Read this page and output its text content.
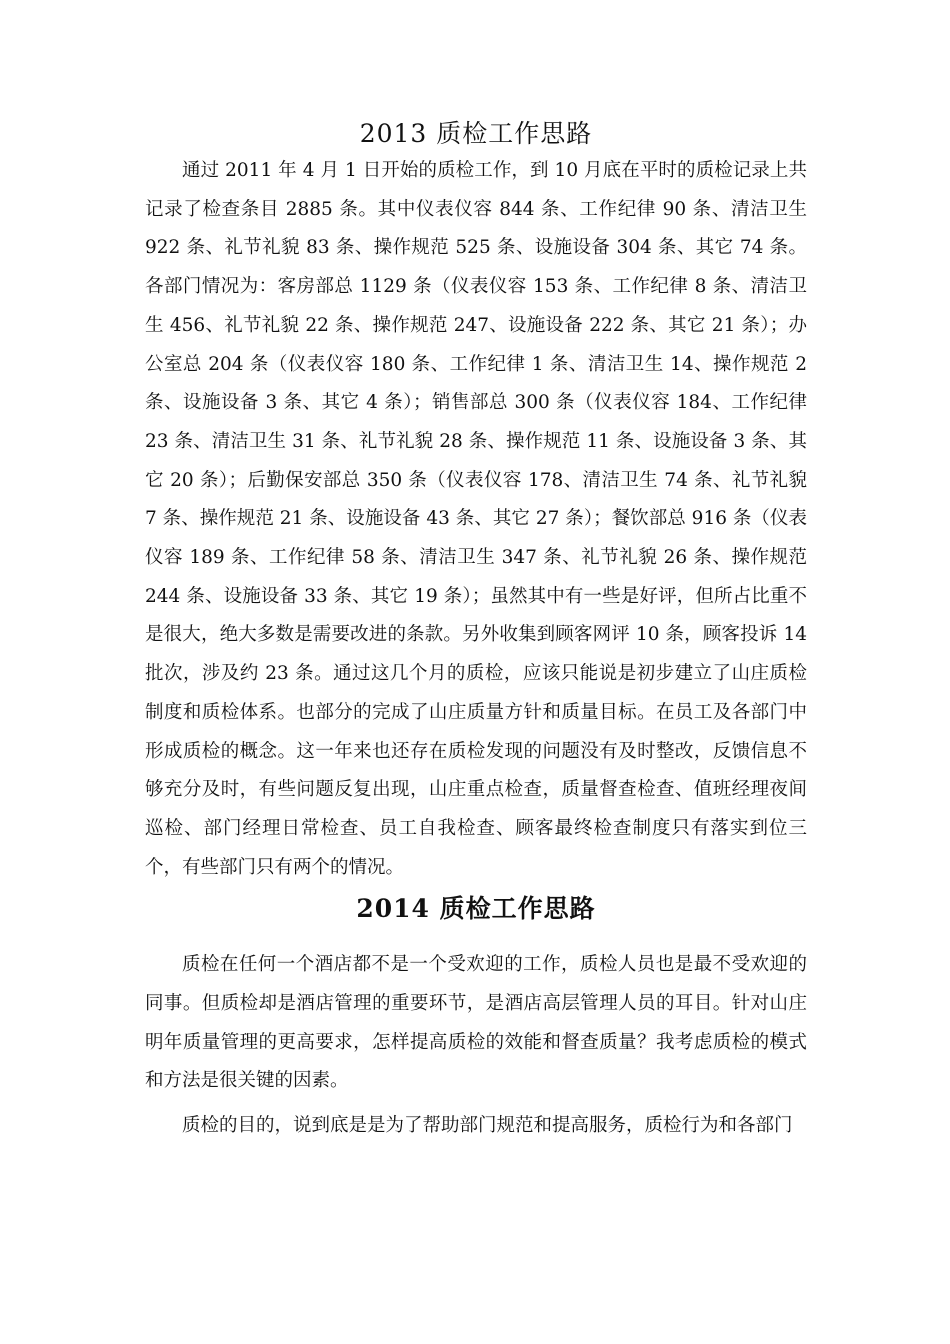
2013 质检工作思路

通过 2011 年 4 月 1 日开始的质检工作，到 10 月底在平时的质检记录上共记录了检查条目 2885 条。其中仪表仪容 844 条、工作纪律 90 条、清洁卫生 922 条、礼节礼貌 83 条、操作规范 525 条、设施设备 304 条、其它 74 条。各部门情况为：客房部总 1129 条（仪表仪容 153 条、工作纪律 8 条、清洁卫生 456、礼节礼貌 22 条、操作规范 247、设施设备 222 条、其它 21 条）；办公室总 204 条（仪表仪容 180 条、工作纪律 1 条、清洁卫生 14、操作规范 2 条、设施设备 3 条、其它 4 条）；销售部总 300 条（仪表仪容 184、工作纪律 23 条、清洁卫生 31 条、礼节礼貌 28 条、操作规范 11 条、设施设备 3 条、其它 20 条）；后勤保安部总 350 条（仪表仪容 178、清洁卫生 74 条、礼节礼貌 7 条、操作规范 21 条、设施设备 43 条、其它 27 条）；餐饮部总 916 条（仪表仪容 189 条、工作纪律 58 条、清洁卫生 347 条、礼节礼貌 26 条、操作规范 244 条、设施设备 33 条、其它 19 条）；虽然其中有一些是好评，但所占比重不是很大，绝大多数是需要改进的条款。另外收集到顾客网评 10 条，顾客投诉 14 批次，涉及约 23 条。通过这几个月的质检，应该只能说是初步建立了山庄质检制度和质检体系。也部分的完成了山庄质量方针和质量目标。在员工及各部门中形成质检的概念。这一年来也还存在质检发现的问题没有及时整改，反馈信息不够充分及时，有些问题反复出现，山庄重点检查，质量督查检查、值班经理夜间巡检、部门经理日常检查、员工自我检查、顾客最终检查制度只有落实到位三个，有些部门只有两个的情况。

2014 质检工作思路

质检在任何一个酒店都不是一个受欢迎的工作，质检人员也是最不受欢迎的同事。但质检却是酒店管理的重要环节，是酒店高层管理人员的耳目。针对山庄明年质量管理的更高要求，怎样提高质检的效能和督查质量？我考虑质检的模式和方法是很关键的因素。

质检的目的，说到底是是为了帮助部门规范和提高服务，质检行为和各部门
